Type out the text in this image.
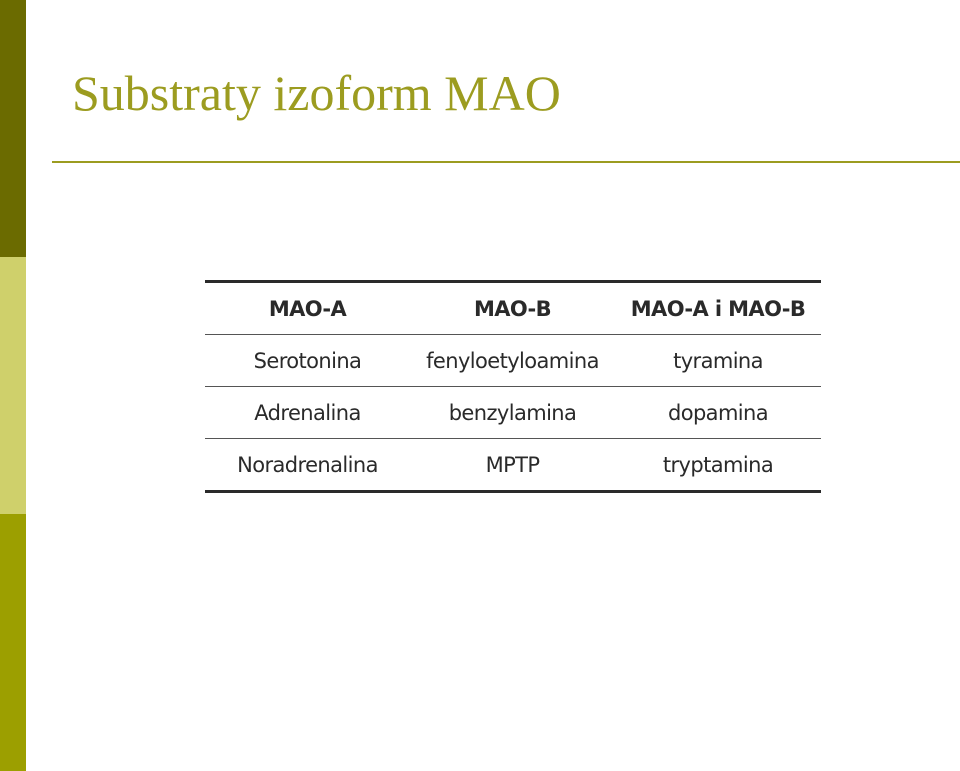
Substraty izoform MAO
MAO-A	MAO-B	MAO-A i MAO-B
Serotonina	fenyloetyloamina	tyramina
Adrenalina	benzylamina	dopamina
Noradrenalina	MPTP	tryptamina
